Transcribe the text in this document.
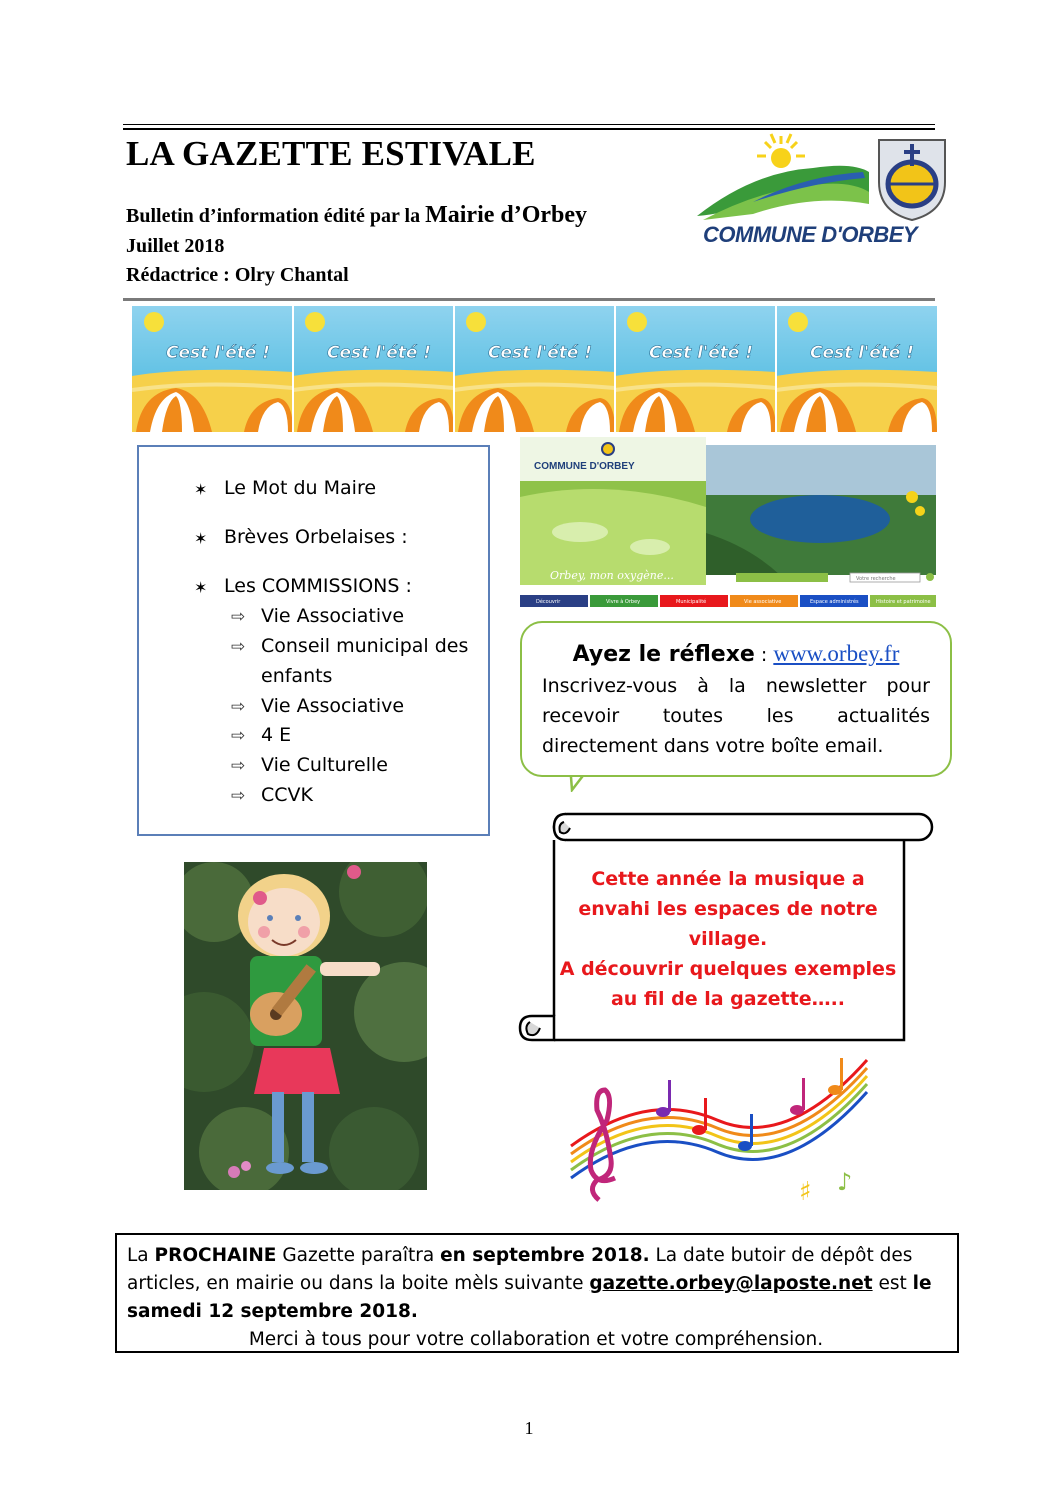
LA GAZETTE ESTIVALE
Bulletin d’information édité par la Mairie d’Orbey
Juillet 2018
Rédactrice : Olry Chantal
COMMUNE D'ORBEY
Cest l'été !
✶ Le Mot du Maire
✶ Brèves Orbelaises :
✶ Les COMMISSIONS :
⇨ Vie Associative
⇨ Conseil municipal des
enfants
⇨ Vie Associative
⇨ 4 E
⇨ Vie Culturelle
⇨ CCVK
COMMUNE D'ORBEY
Orbey, mon oxygène...	Votre recherche
Découvrir	Vivre à Orbey	Municipalité	Vie associative	Espace administrés	Histoire et patrimoine
Ayez le réflexe : www.orbey.fr
Inscrivez-vous à la newsletter pour
recevoir toutes les actualités
directement dans votre boîte email.
Cette année la musique a
envahi les espaces de notre
village.
A découvrir quelques exemples
au fil de la gazette…..
♯ ♪
La PROCHAINE Gazette paraîtra en septembre 2018. La date butoir de dépôt des
articles, en mairie ou dans la boite mèls suivante gazette.orbey@laposte.net est le
samedi 12 septembre 2018.
Merci à tous pour votre collaboration et votre compréhension.
1
